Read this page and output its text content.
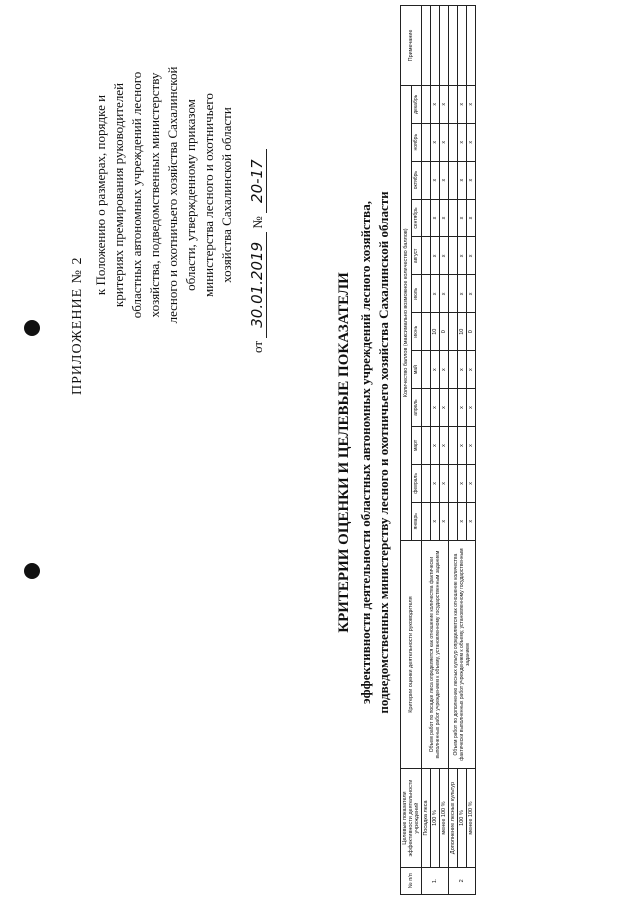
ПРИЛОЖЕНИЕ № 2
к Положению о размерах, порядке и критериях премирования руководителей областных автономных учреждений лесного хозяйства, подведомственных министерству лесного и охотничьего хозяйства Сахалинской области, утвержденному приказом министерства лесного и охотничьего хозяйства Сахалинской области
от 30.01.2019 № 20-17
КРИТЕРИИ ОЦЕНКИ И ЦЕЛЕВЫЕ ПОКАЗАТЕЛИ эффективности деятельности областных автономных учреждений лесного хозяйства, подведомственных министерству лесного и охотничьего хозяйства Сахалинской области
№ п/п	Целевые показатели эффективности деятельности учреждений	Критерии оценки деятельности руководителя	Количество баллов (максимально возможное количество баллов)												Примечание
			январь	февраль	март	апрель	май	июнь	июль	август	сентябрь	октябрь	ноябрь	декабрь	
1.	Посадка леса	Объем работ по посадке леса определяется как отношение количества фактически выполненных работ учреждением к объему, установленному государственным заданием													
	100 %		x	x	x	x	x	10	x	x	x	x	x	x	
	менее 100 %		x	x	x	x	x	0	x	x	x	x	x	x	
2	Дополнение лесных культур	Объем работ по дополнению лесных культур определяется как отношение количества фактически выполненных работ учреждением к объему, установленному государственным заданием													
	100 %		x	x	x	x	x	10	x	x	x	x	x	x	
	менее 100 %		x	x	x	x	x	0	x	x	x	x	x	x	
